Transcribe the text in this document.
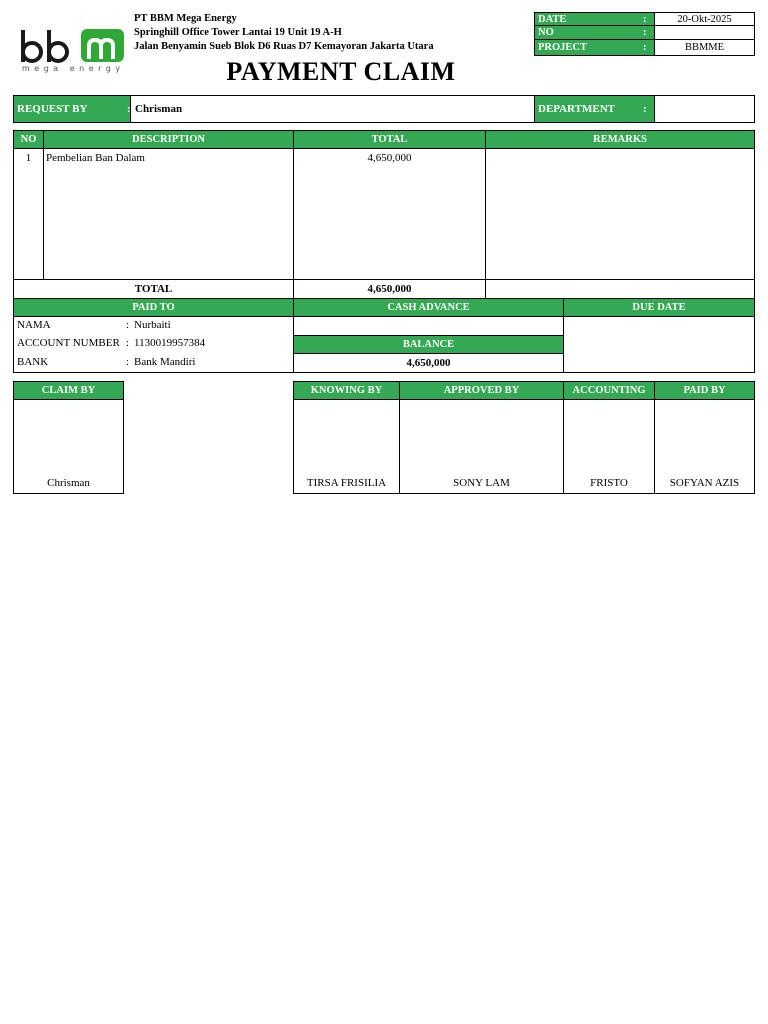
mega energy
PT BBM Mega Energy
Springhill Office Tower Lantai 19 Unit 19 A-H
Jalan Benyamin Sueb Blok D6 Ruas D7 Kemayoran Jakarta Utara
DATE	:	20-Okt-2025
NO	:
PROJECT	:	BBMME
PAYMENT CLAIM
REQUEST BY	: Chrisman	DEPARTMENT	:
NO	DESCRIPTION	TOTAL	REMARKS
1	Pembelian Ban Dalam	4,650,000
TOTAL	4,650,000
PAID TO	CASH ADVANCE	DUE DATE
NAMA	: Nurbaiti
ACCOUNT NUMBER : 1130019957384
BANK	: Bank Mandiri
BALANCE
4,650,000
CLAIM BY
Chrisman
KNOWING BY
TIRSA FRISILIA
APPROVED BY
SONY LAM
ACCOUNTING
FRISTO
PAID BY
SOFYAN AZIS
